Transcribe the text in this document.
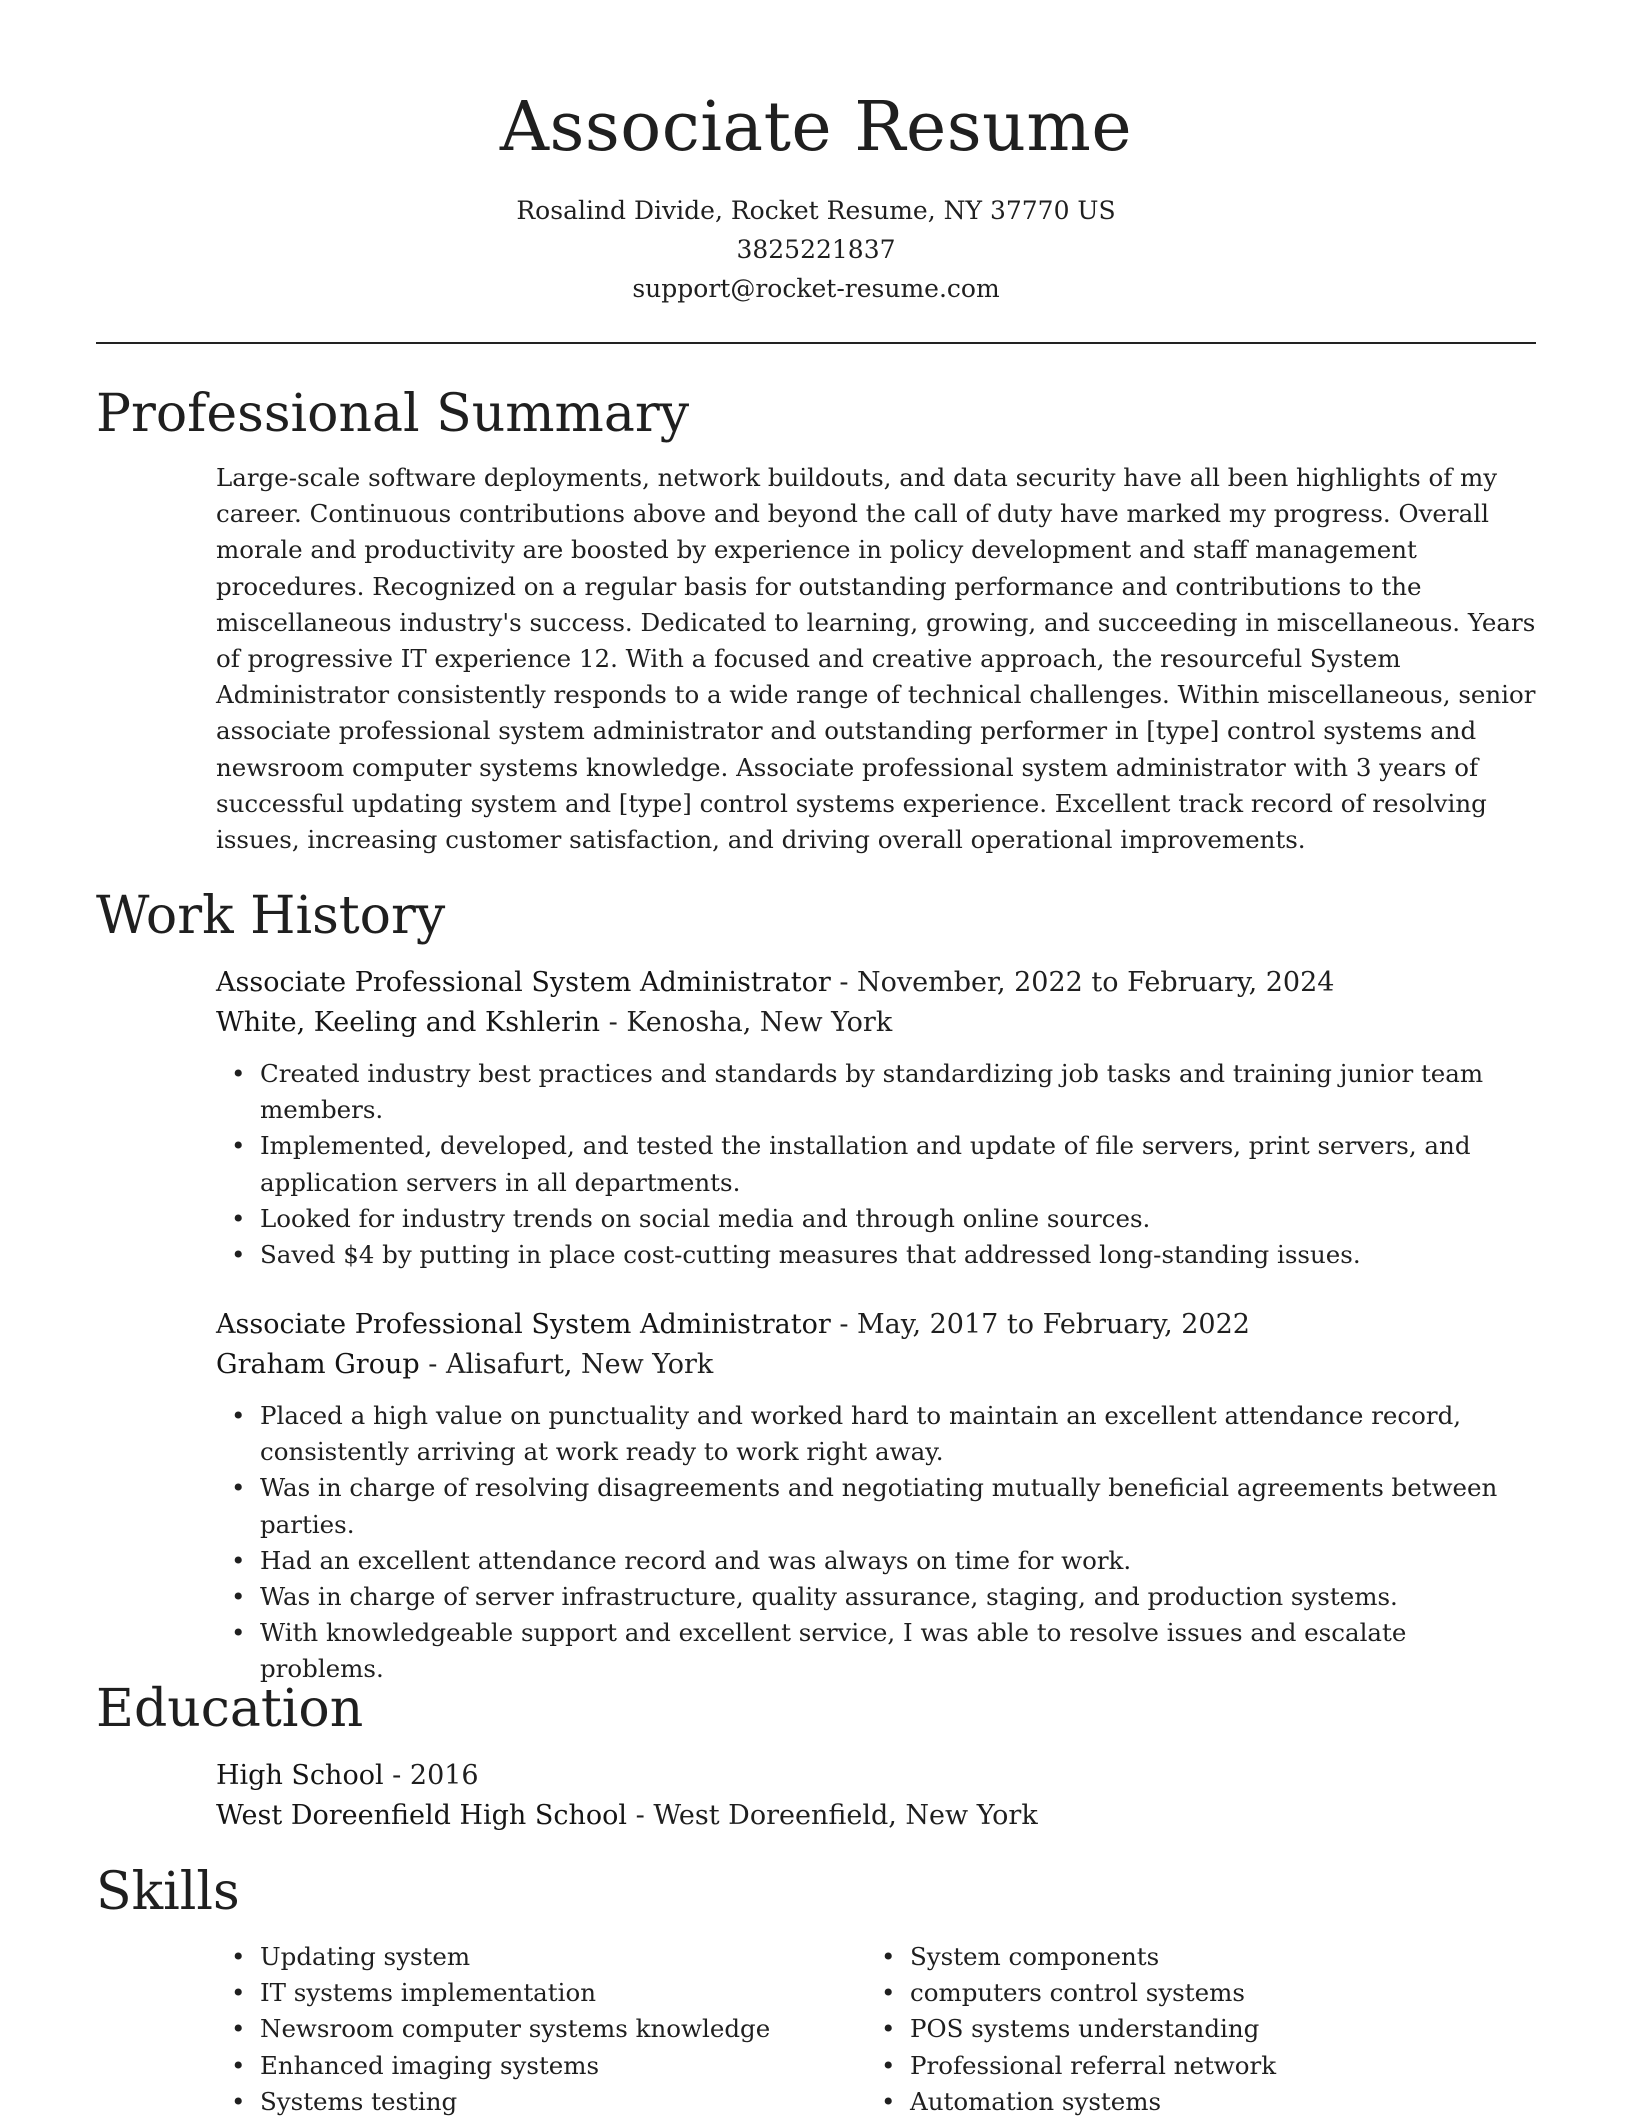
Associate Resume
Rosalind Divide, Rocket Resume, NY 37770 US
3825221837
support@rocket-resume.com
Professional Summary

Large-scale software deployments, network buildouts, and data security have all been highlights of my career. Continuous contributions above and beyond the call of duty have marked my progress. Overall morale and productivity are boosted by experience in policy development and staff management procedures. Recognized on a regular basis for outstanding performance and contributions to the miscellaneous industry's success. Dedicated to learning, growing, and succeeding in miscellaneous. Years of progressive IT experience 12. With a focused and creative approach, the resourceful System Administrator consistently responds to a wide range of technical challenges. Within miscellaneous, senior associate professional system administrator and outstanding performer in [type] control systems and newsroom computer systems knowledge. Associate professional system administrator with 3 years of successful updating system and [type] control systems experience. Excellent track record of resolving issues, increasing customer satisfaction, and driving overall operational improvements.

Work History
Associate Professional System Administrator - November, 2022 to February, 2024
White, Keeling and Kshlerin - Kenosha, New York
• Created industry best practices and standards by standardizing job tasks and training junior team members.
• Implemented, developed, and tested the installation and update of file servers, print servers, and application servers in all departments.
• Looked for industry trends on social media and through online sources.
• Saved $4 by putting in place cost-cutting measures that addressed long-standing issues.
Associate Professional System Administrator - May, 2017 to February, 2022
Graham Group - Alisafurt, New York
• Placed a high value on punctuality and worked hard to maintain an excellent attendance record, consistently arriving at work ready to work right away.
• Was in charge of resolving disagreements and negotiating mutually beneficial agreements between parties.
• Had an excellent attendance record and was always on time for work.
• Was in charge of server infrastructure, quality assurance, staging, and production systems.
• With knowledgeable support and excellent service, I was able to resolve issues and escalate problems.
Education
High School - 2016
West Doreenfield High School - West Doreenfield, New York
Skills
• Updating system
• IT systems implementation
• Newsroom computer systems knowledge
• Enhanced imaging systems
• Systems testing
• System components
• computers control systems
• POS systems understanding
• Professional referral network
• Automation systems
